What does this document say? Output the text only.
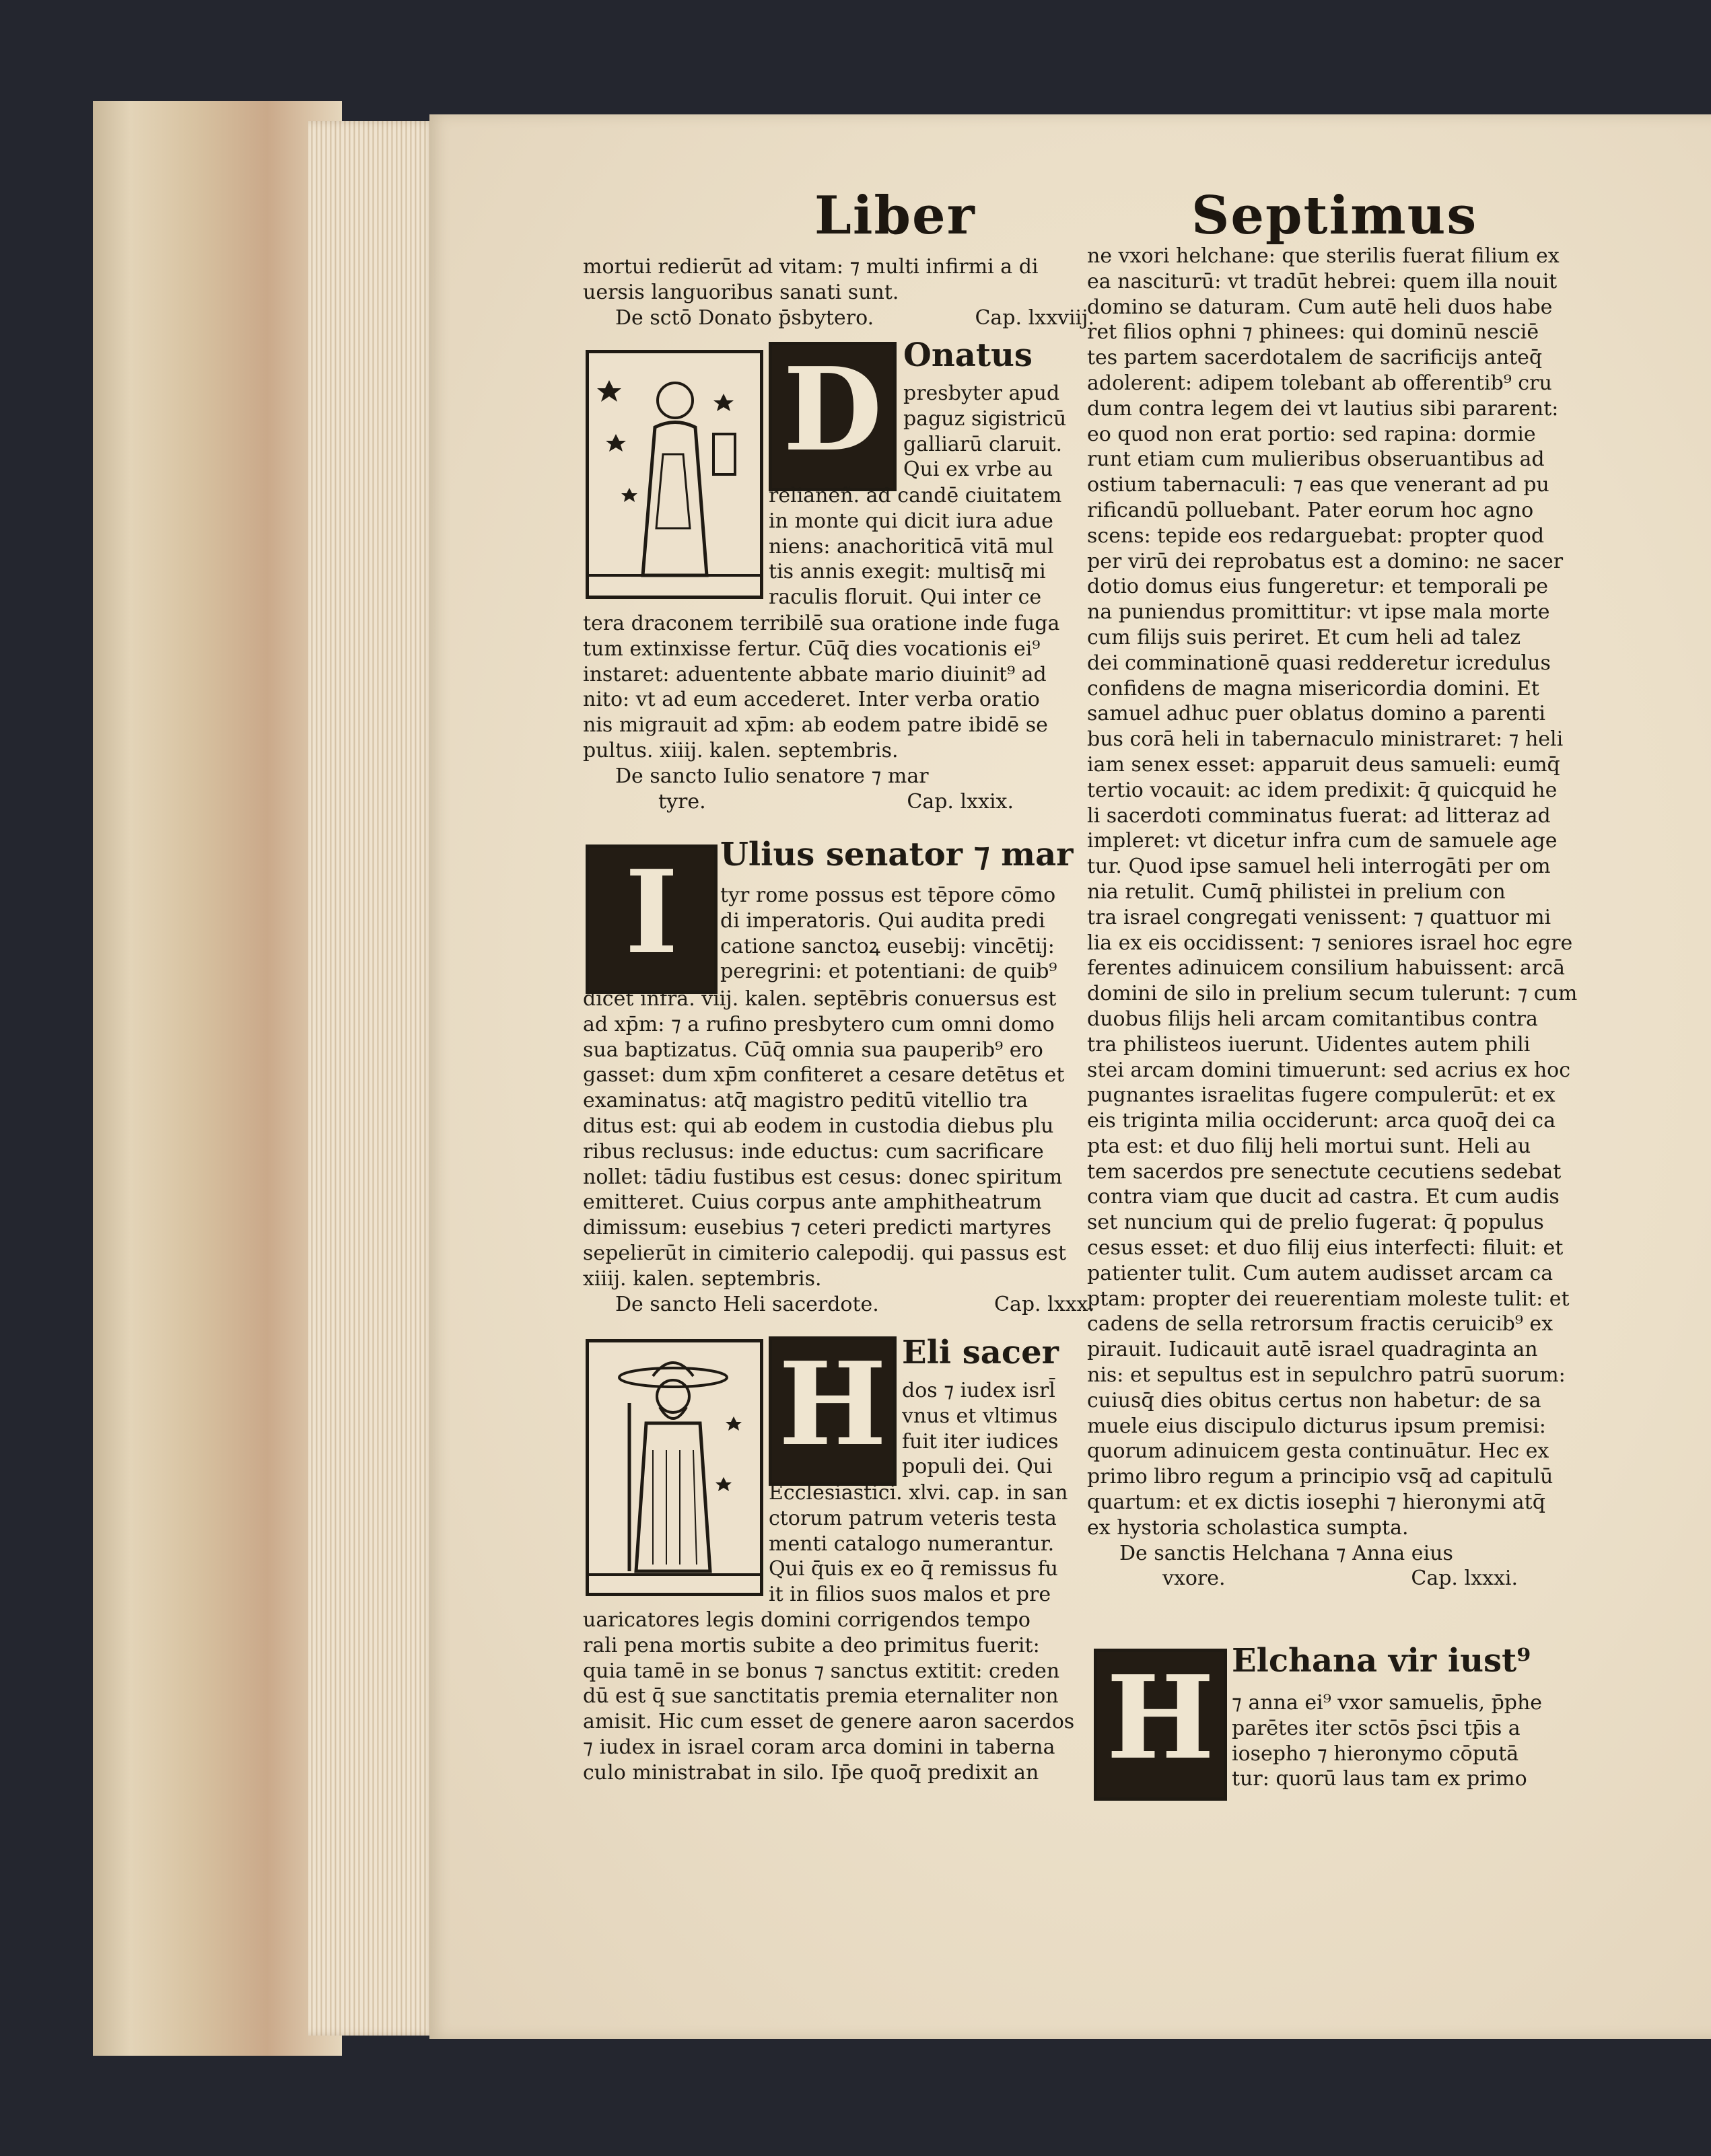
Liber	Septimus

mortui redierūt ad vitam: ⁊ multi infirmi a di

uersis languoribus sanati sunt.

De sctō Donato p̄sbytero.	Cap. lxxviij.

D Onatus

presbyter apud

paguz sigistricū

galliarū claruit.

Qui ex vrbe au

relianeñ. ad candē ciuitatem

in monte qui dicit iura adue

niens: anachoriticā vitā mul

tis annis exegit: multisq̄ mi

raculis floruit. Qui inter ce

tera draconem terribilē sua oratione inde fuga

tum extinxisse fertur. Cūq̄ dies vocationis ei⁹

instaret: aduentente abbate mario diuinit⁹ ad

nito: vt ad eum accederet. Inter verba oratio

nis migrauit ad xp̄m: ab eodem patre ibidē se

pultus. xiiij. kalen. septembris.

De sancto Iulio senatore ⁊ mar

tyre.	Cap. lxxix.

I	Ulius senator ⁊ mar

tyr rome possus est tēpore cōmo

di imperatoris. Qui audita predi

catione sanctoꝝ eusebij: vincētij:

peregrini: et potentiani: de quib⁹

dicet infra. viij. kalen. septēbris conuersus est

ad xp̄m: ⁊ a rufino presbytero cum omni domo

sua baptizatus. Cūq̄ omnia sua pauperib⁹ ero

gasset: dum xp̄m confiteret a cesare detētus et

examinatus: atq̄ magistro peditū vitellio tra

ditus est: qui ab eodem in custodia diebus plu

ribus reclusus: inde eductus: cum sacrificare

nollet: tādiu fustibus est cesus: donec spiritum

emitteret. Cuius corpus ante amphitheatrum

dimissum: eusebius ⁊ ceteri predicti martyres

sepelierūt in cimiterio calepodij. qui passus est

xiiij. kalen. septembris.

De sancto Heli sacerdote.	Cap. lxxx.

H Eli sacer

dos ⁊ iudex isrl̄

vnus et vltimus

fuit iter iudices

populi dei. Qui

Ecclesiastici. xlvi. cap. in san

ctorum patrum veteris testa

menti catalogo numerantur.

Qui q̄uis ex eo q̄ remissus fu

it in filios suos malos et pre

uaricatores legis domini corrigendos tempo

rali pena mortis subite a deo primitus fuerit:

quia tamē in se bonus ⁊ sanctus extitit: creden

dū est q̄ sue sanctitatis premia eternaliter non

amisit. Hic cum esset de genere aaron sacerdos

⁊ iudex in israel coram arca domini in taberna

culo ministrabat in silo. Ip̄e quoq̄ predixit an

ne vxori helchane: que sterilis fuerat filium ex

ea nasciturū: vt tradūt hebrei: quem illa nouit

domino se daturam. Cum autē heli duos habe

ret filios ophni ⁊ phinees: qui dominū nesciē

tes partem sacerdotalem de sacrificijs anteq̄

adolerent: adipem tolebant ab offerentib⁹ cru

dum contra legem dei vt lautius sibi pararent:

eo quod non erat portio: sed rapina: dormie

runt etiam cum mulieribus obseruantibus ad

ostium tabernaculi: ⁊ eas que venerant ad pu

rificandū polluebant. Pater eorum hoc agno

scens: tepide eos redarguebat: propter quod

per virū dei reprobatus est a domino: ne sacer

dotio domus eius fungeretur: et temporali pe

na puniendus promittitur: vt ipse mala morte

cum filijs suis periret. Et cum heli ad talez

dei comminationē quasi redderetur icredulus

confidens de magna misericordia domini. Et

samuel adhuc puer oblatus domino a parenti

bus corā heli in tabernaculo ministraret: ⁊ heli

iam senex esset: apparuit deus samueli: eumq̄

tertio vocauit: ac idem predixit: q̄ quicquid he

li sacerdoti comminatus fuerat: ad litteraz ad

impleret: vt dicetur infra cum de samuele age

tur. Quod ipse samuel heli interrogāti per om

nia retulit. Cumq̄ philistei in prelium con

tra israel congregati venissent: ⁊ quattuor mi

lia ex eis occidissent: ⁊ seniores israel hoc egre

ferentes adinuicem consilium habuissent: arcā

domini de silo in prelium secum tulerunt: ⁊ cum

duobus filijs heli arcam comitantibus contra

tra philisteos iuerunt. Uidentes autem phili

stei arcam domini timuerunt: sed acrius ex hoc

pugnantes israelitas fugere compulerūt: et ex

eis triginta milia occiderunt: arca quoq̄ dei ca

pta est: et duo filij heli mortui sunt. Heli au

tem sacerdos pre senectute cecutiens sedebat

contra viam que ducit ad castra. Et cum audis

set nuncium qui de prelio fugerat: q̄ populus

cesus esset: et duo filij eius interfecti: filuit: et

patienter tulit. Cum autem audisset arcam ca

ptam: propter dei reuerentiam moleste tulit: et

cadens de sella retrorsum fractis ceruicib⁹ ex

pirauit. Iudicauit autē israel quadraginta an

nis: et sepultus est in sepulchro patrū suorum:

cuiusq̄ dies obitus certus non habetur: de sa

muele eius discipulo dicturus ipsum premisi:

quorum adinuicem gesta continuātur. Hec ex

primo libro regum a principio vsq̄ ad capitulū

quartum: et ex dictis iosephi ⁊ hieronymi atq̄

ex hystoria scholastica sumpta.

De sanctis Helchana ⁊ Anna eius

vxore.	Cap. lxxxi.

H Elchana vir iust⁹

⁊ anna ei⁹ vxor samuelis, p̄phe

parētes iter sctōs p̄sci tp̄is a

iosepho ⁊ hieronymo cōputā

tur: quorū laus tam ex primo
